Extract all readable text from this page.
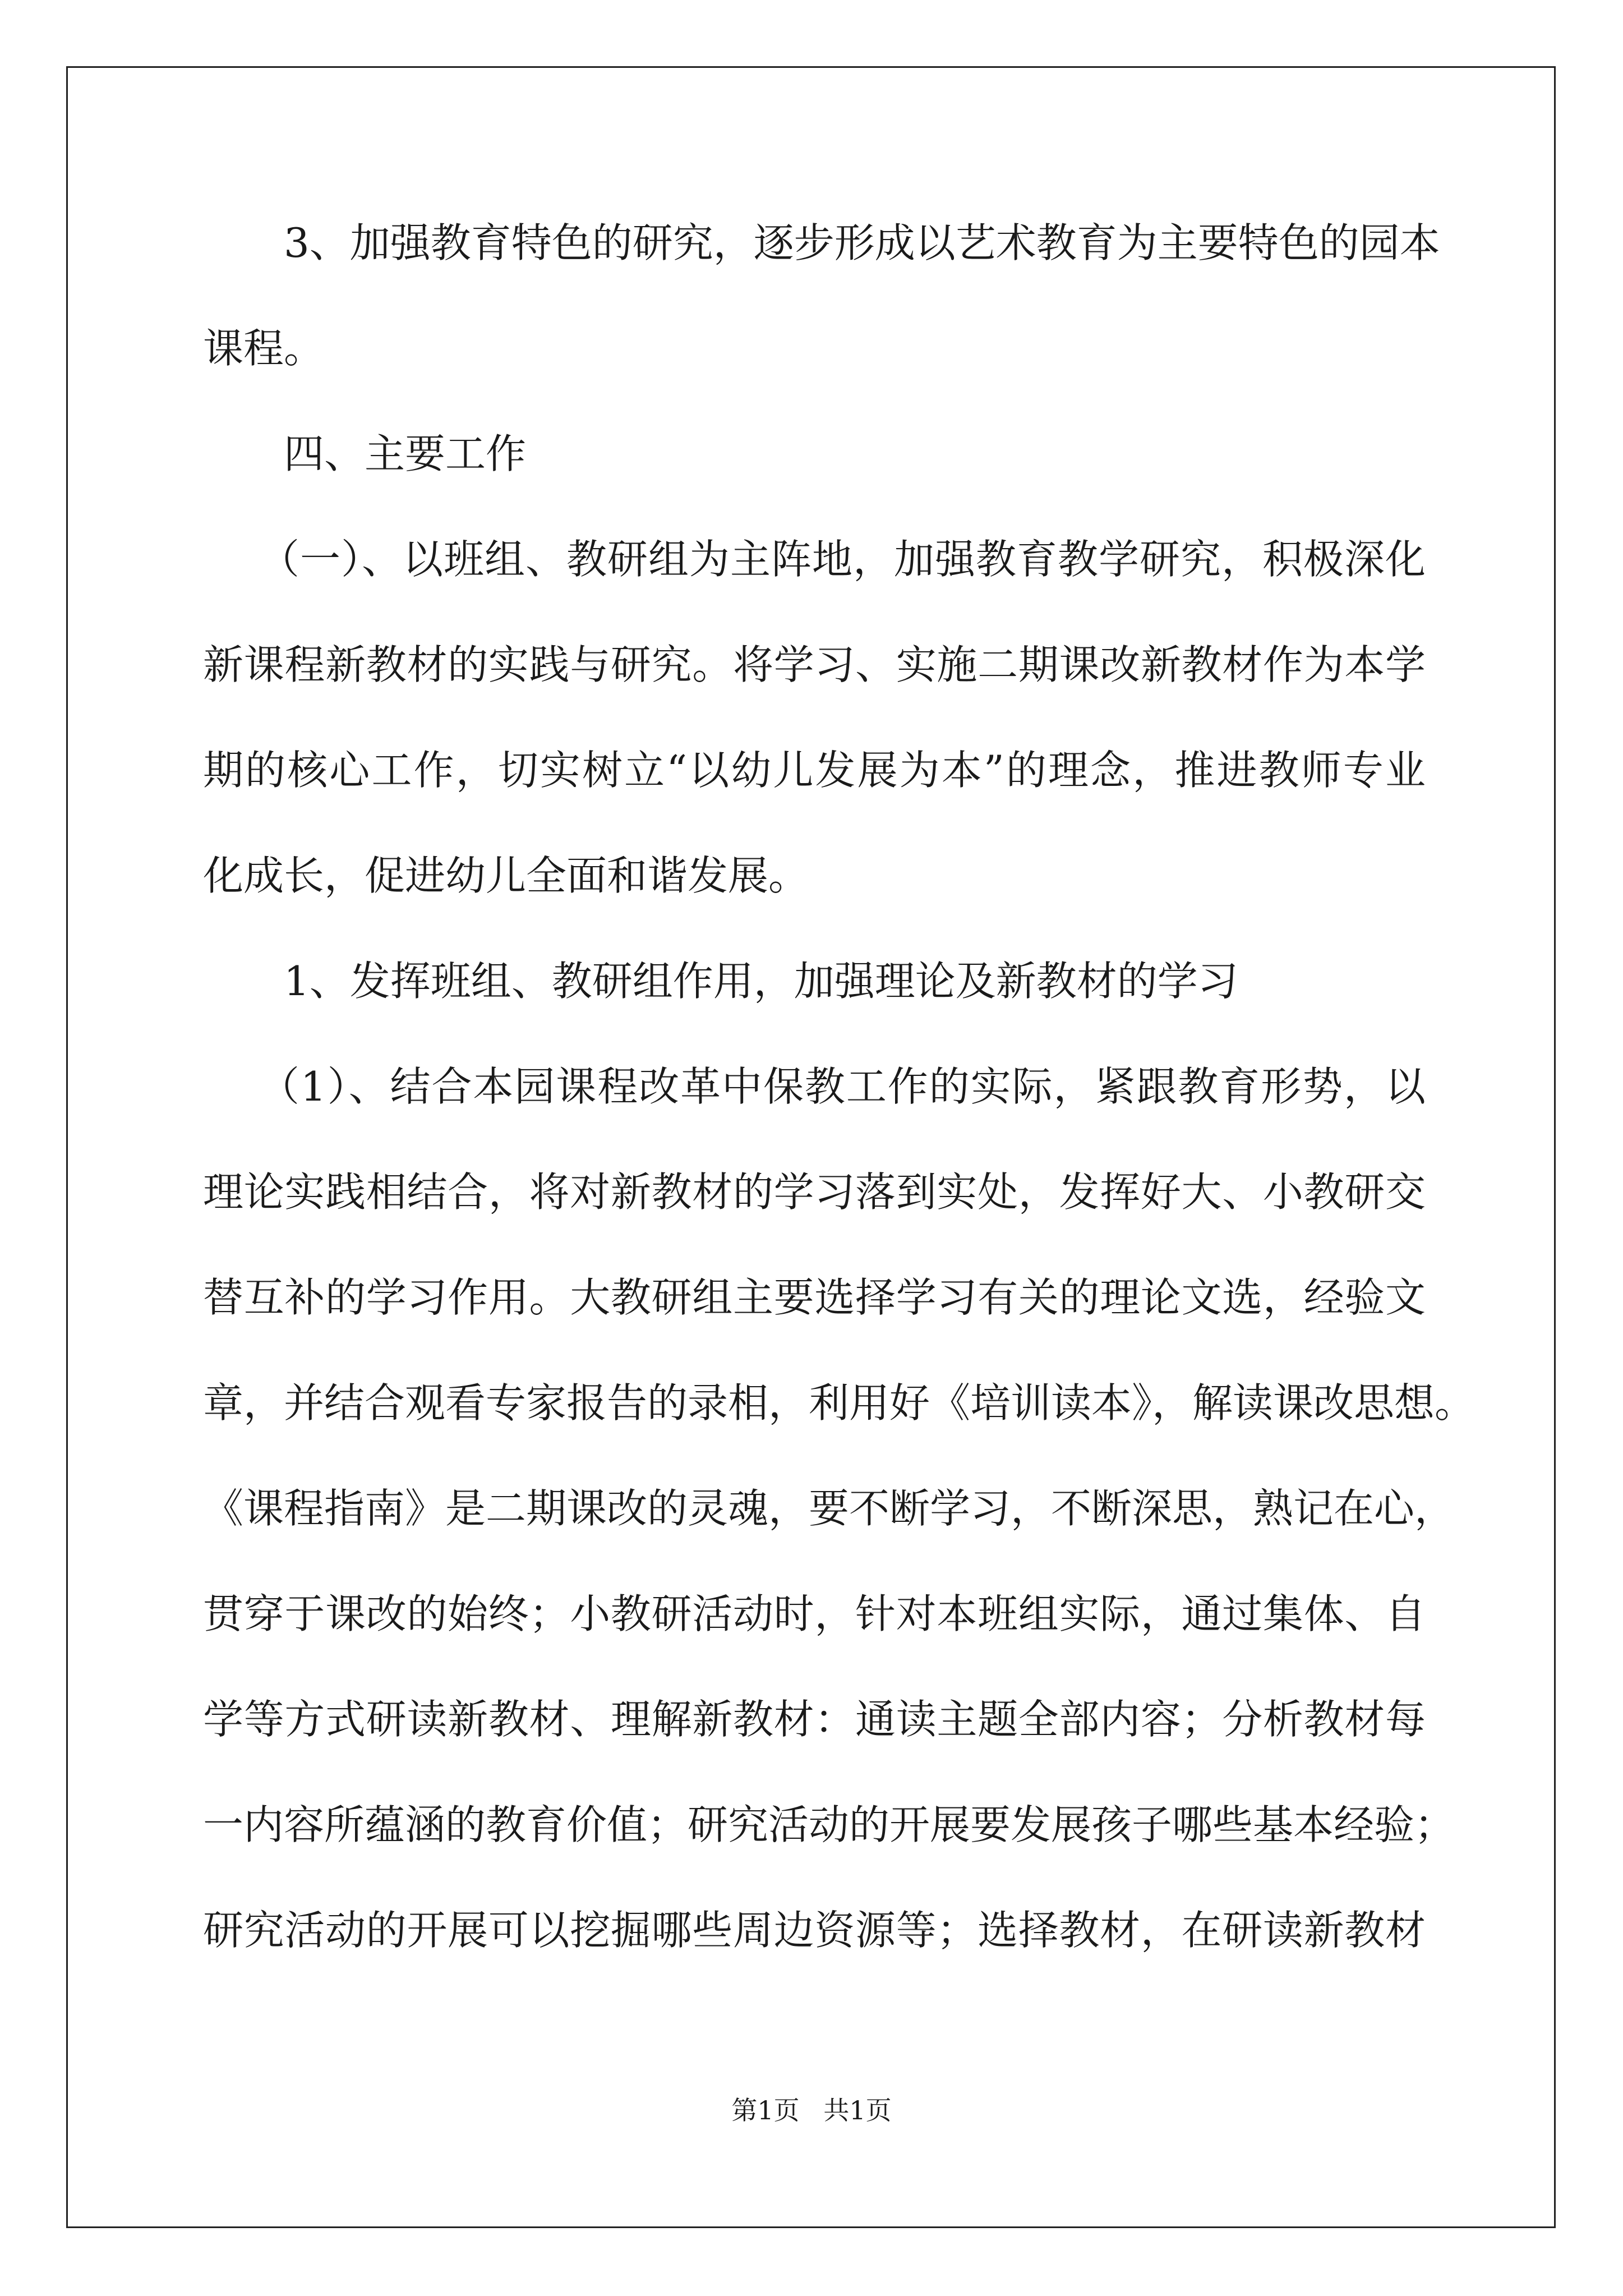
3、加强教育特色的研究，逐步形成以艺术教育为主要特色的园本
课程。
四、主要工作
（一）、以班组、教研组为主阵地，加强教育教学研究，积极深化
新课程新教材的实践与研究。将学习、实施二期课改新教材作为本学
期的核心工作，切实树立“以幼儿发展为本”的理念，推进教师专业
化成长，促进幼儿全面和谐发展。
1、发挥班组、教研组作用，加强理论及新教材的学习
（1）、结合本园课程改革中保教工作的实际，紧跟教育形势，以
理论实践相结合，将对新教材的学习落到实处，发挥好大、小教研交
替互补的学习作用。大教研组主要选择学习有关的理论文选，经验文
章，并结合观看专家报告的录相，利用好《培训读本》，解读课改思想。
《课程指南》是二期课改的灵魂，要不断学习，不断深思，熟记在心，
贯穿于课改的始终；小教研活动时，针对本班组实际，通过集体、自
学等方式研读新教材、理解新教材：通读主题全部内容；分析教材每
一内容所蕴涵的教育价值；研究活动的开展要发展孩子哪些基本经验；
研究活动的开展可以挖掘哪些周边资源等；选择教材，在研读新教材
第1页 共1页
